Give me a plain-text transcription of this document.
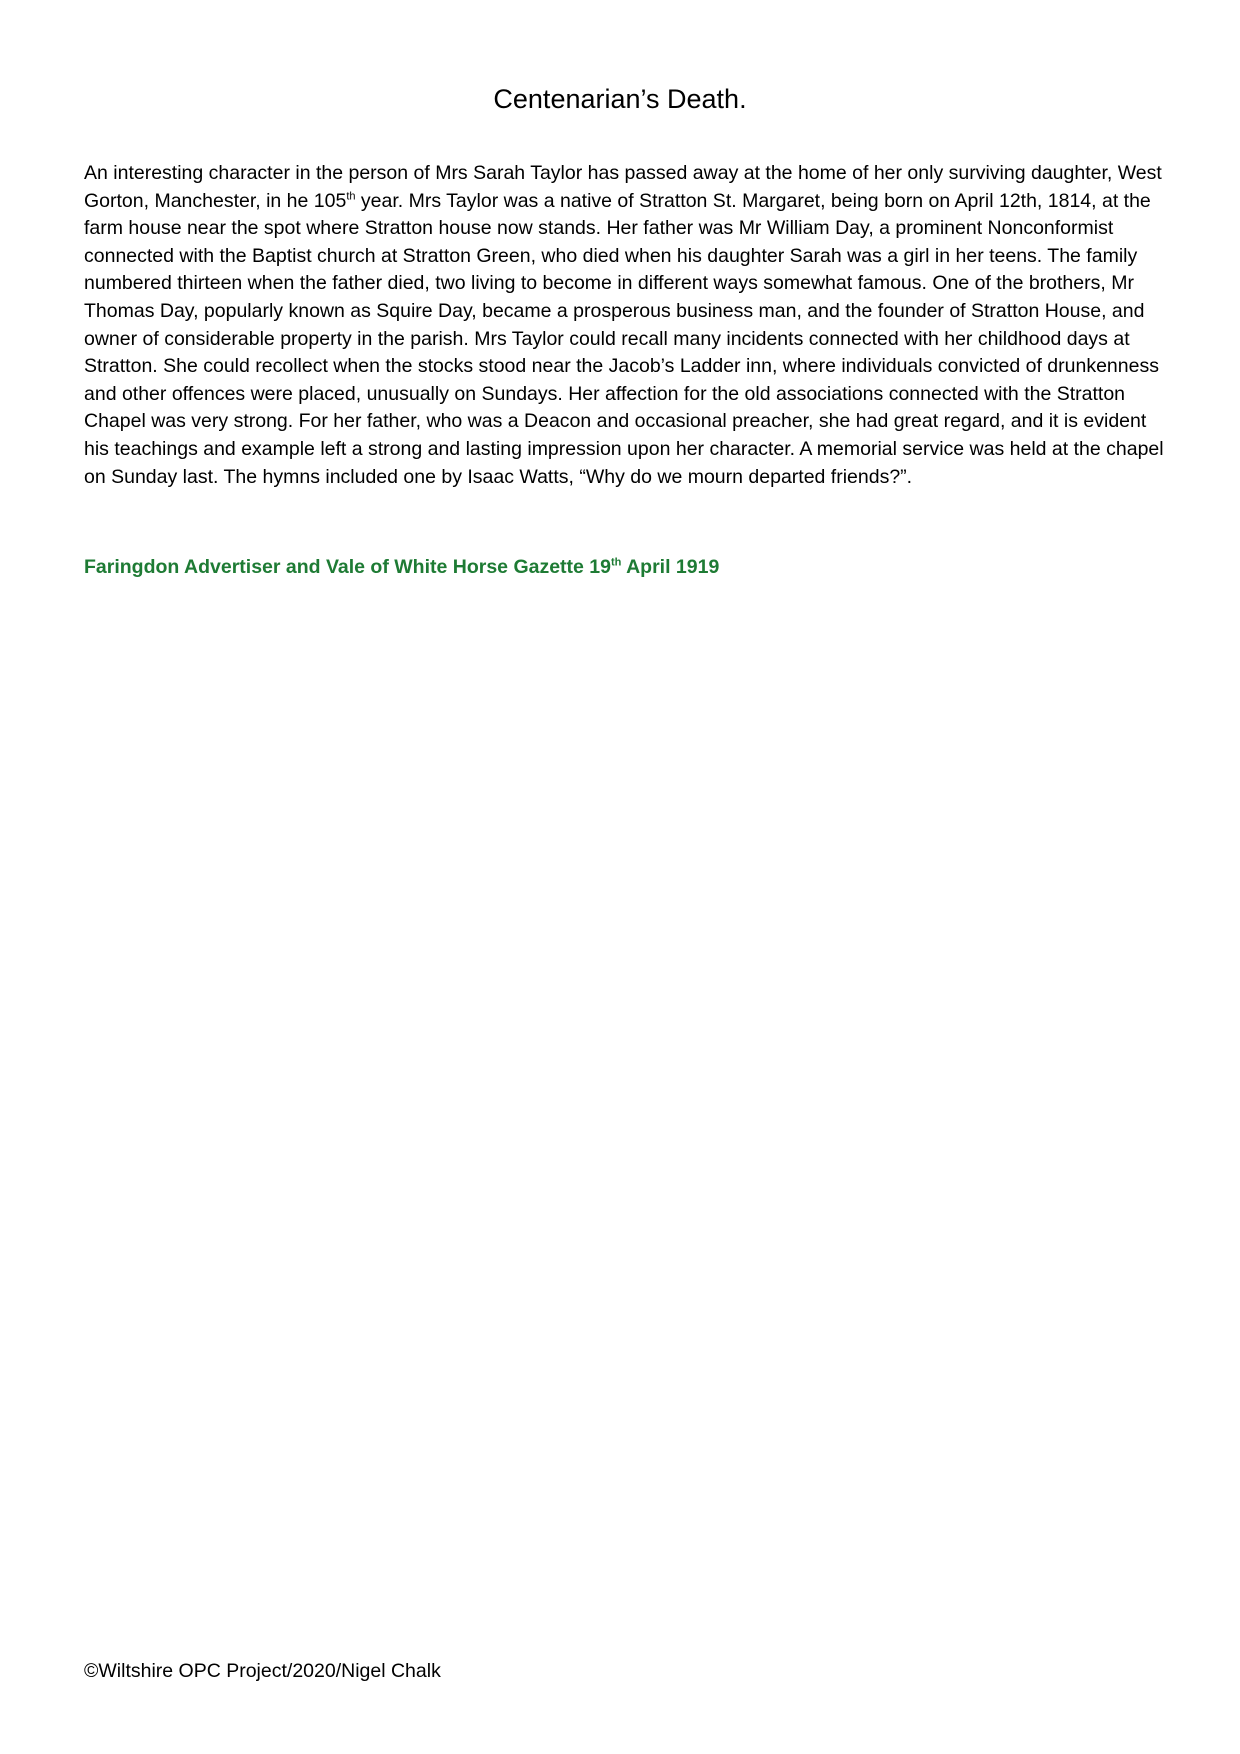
Centenarian’s Death.

An interesting character in the person of Mrs Sarah Taylor has passed away at the home of her only surviving daughter, West Gorton, Manchester, in he 105th year. Mrs Taylor was a native of Stratton St. Margaret, being born on April 12th, 1814, at the farm house near the spot where Stratton house now stands. Her father was Mr William Day, a prominent Nonconformist connected with the Baptist church at Stratton Green, who died when his daughter Sarah was a girl in her teens. The family numbered thirteen when the father died, two living to become in different ways somewhat famous. One of the brothers, Mr Thomas Day, popularly known as Squire Day, became a prosperous business man, and the founder of Stratton House, and owner of considerable property in the parish. Mrs Taylor could recall many incidents connected with her childhood days at Stratton. She could recollect when the stocks stood near the Jacob’s Ladder inn, where individuals convicted of drunkenness and other offences were placed, unusually on Sundays. Her affection for the old associations connected with the Stratton Chapel was very strong. For her father, who was a Deacon and occasional preacher, she had great regard, and it is evident his teachings and example left a strong and lasting impression upon her character. A memorial service was held at the chapel on Sunday last. The hymns included one by Isaac Watts, “Why do we mourn departed friends?”.

Faringdon Advertiser and Vale of White Horse Gazette 19th April 1919

©Wiltshire OPC Project/2020/Nigel Chalk
